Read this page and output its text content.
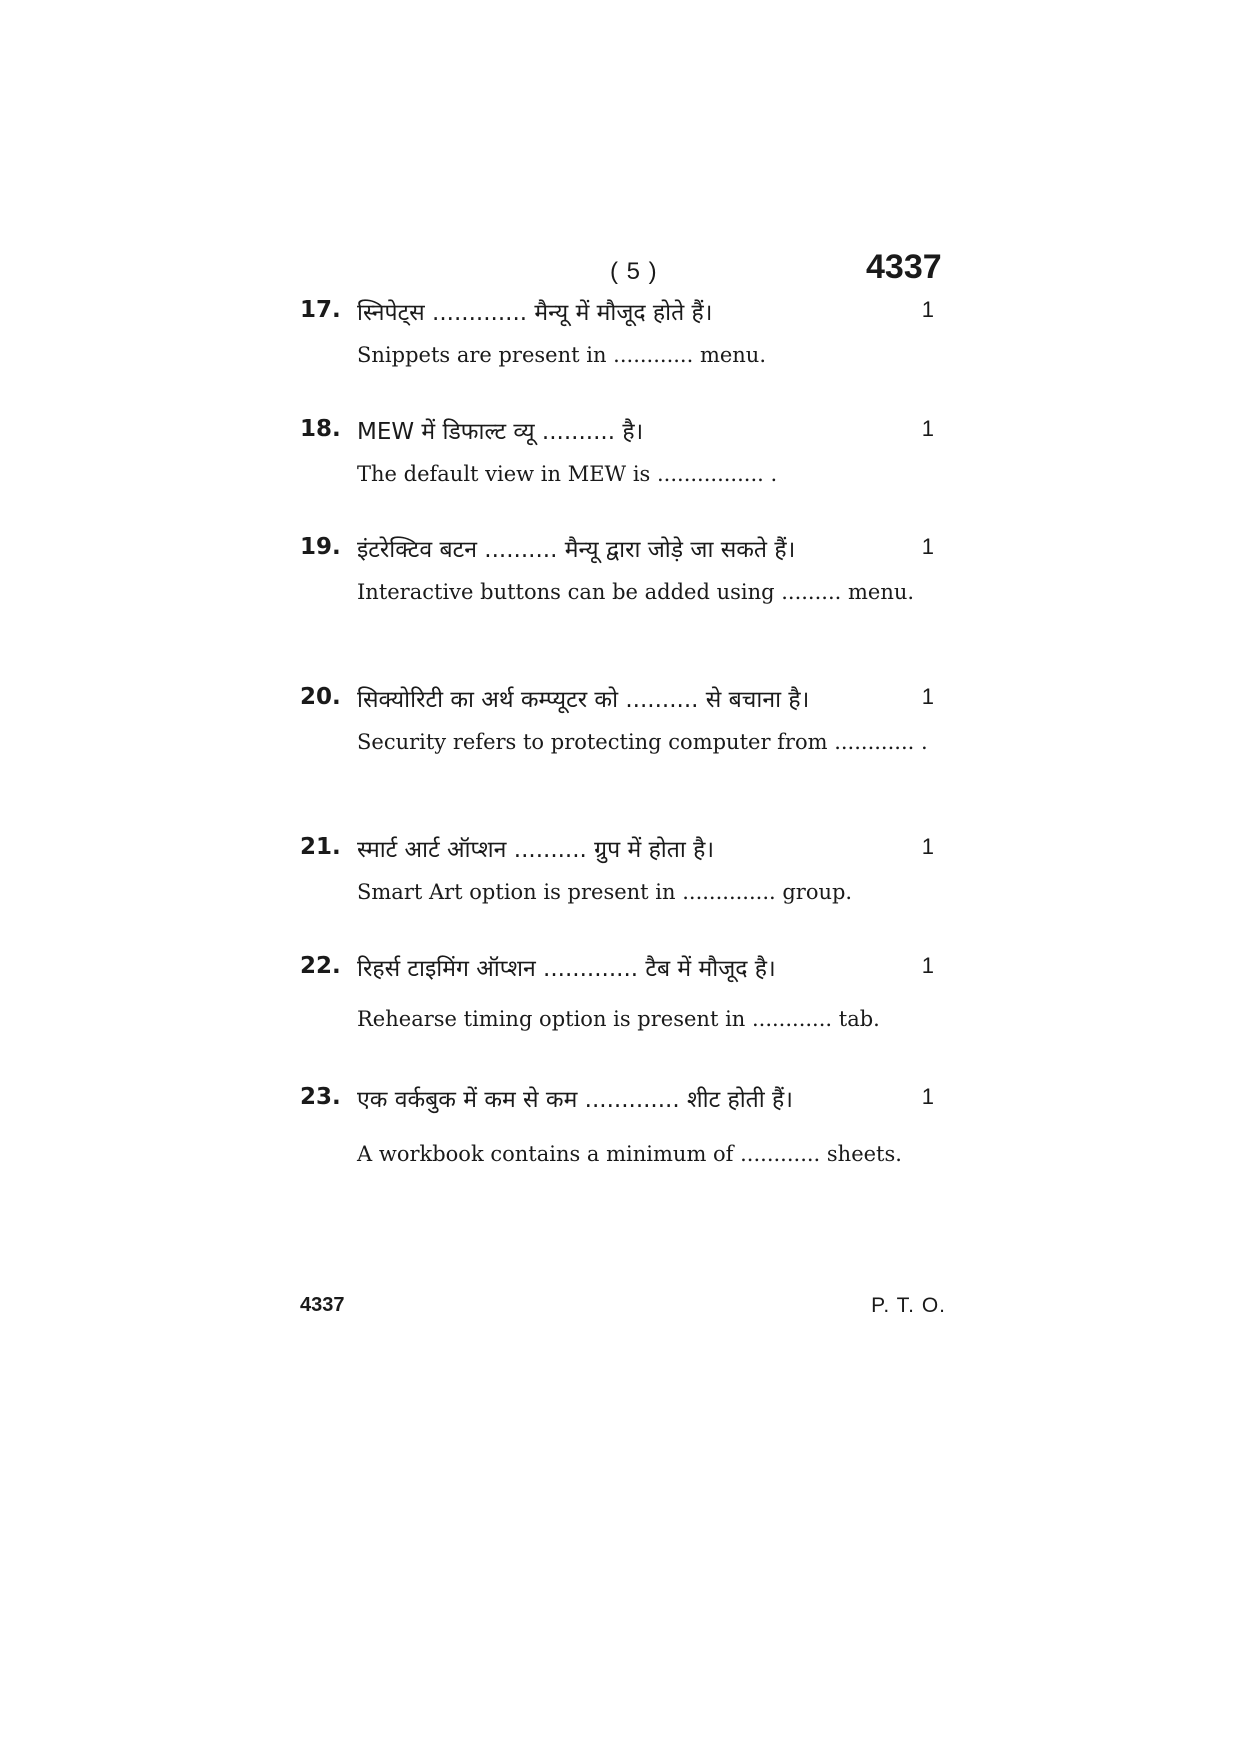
( 5 )	4337
17. स्निपेट्स ............. मैन्यू में मौजूद होते हैं।	1
Snippets are present in ............ menu.
18. MEW में डिफाल्ट व्यू .......... है।	1
The default view in MEW is ................ .
19. इंटरेक्टिव बटन .......... मैन्यू द्वारा जोड़े जा सकते हैं।	1
Interactive buttons can be added using ......... menu.
20. सिक्योरिटी का अर्थ कम्प्यूटर को .......... से बचाना है।	1
Security refers to protecting computer from ............ .
21. स्मार्ट आर्ट ऑप्शन .......... ग्रुप में होता है।	1
Smart Art option is present in .............. group.
22. रिहर्स टाइमिंग ऑप्शन ............. टैब में मौजूद है।	1
Rehearse timing option is present in ............ tab.
23. एक वर्कबुक में कम से कम ............. शीट होती हैं।	1
A workbook contains a minimum of ............ sheets.
4337	P. T. O.
